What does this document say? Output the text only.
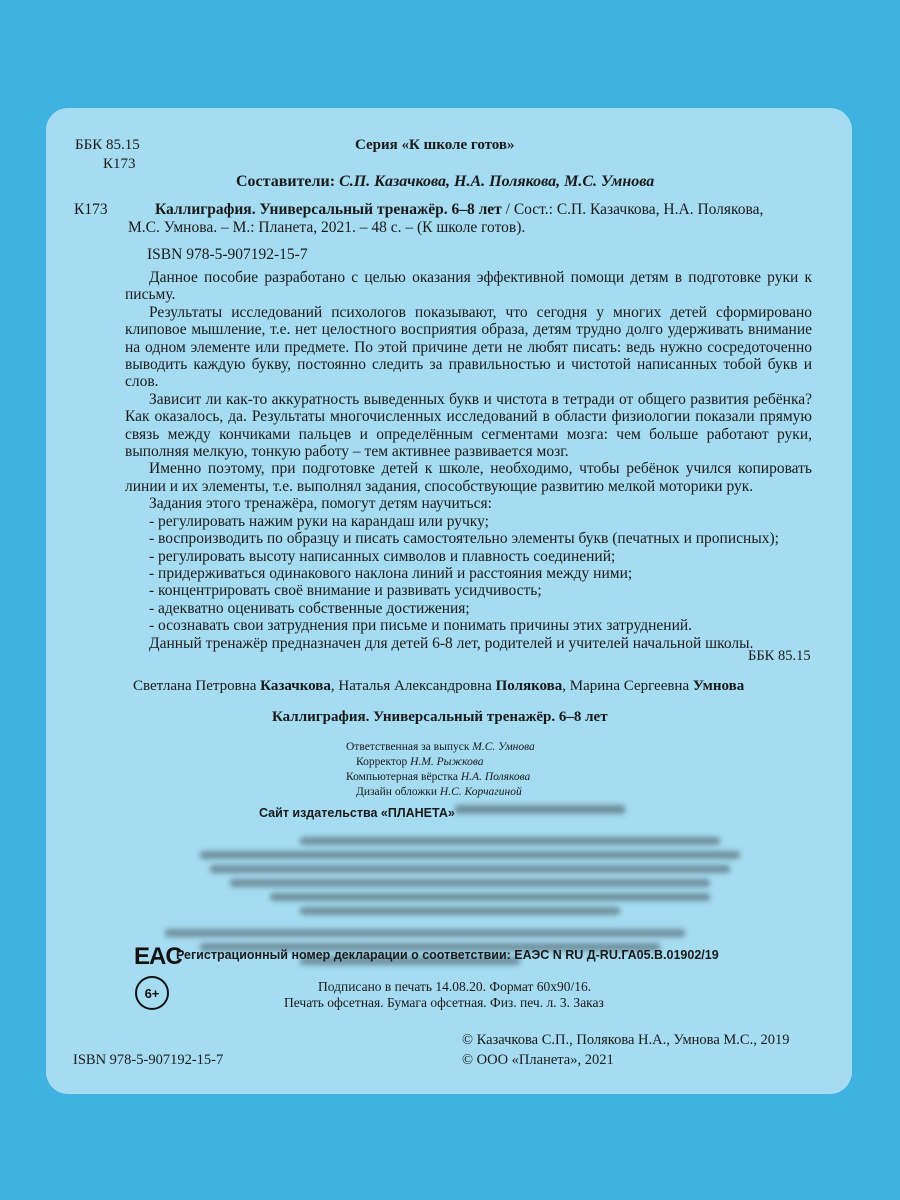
ББК 85.15
К173
Серия «К школе готов»
Составители: С.П. Казачкова, Н.А. Полякова, М.С. Умнова
К173	Каллиграфия. Универсальный тренажёр. 6–8 лет / Сост.: С.П. Казачкова, Н.А. Полякова,
М.С. Умнова. – М.: Планета, 2021. – 48 с. – (К школе готов).
ISBN 978-5-907192-15-7

Данное пособие разработано с целью оказания эффективной помощи детям в подготовке руки к письму.

Результаты исследований психологов показывают, что сегодня у многих детей сформировано клиповое мышление, т.е. нет целостного восприятия образа, детям трудно долго удерживать внимание на одном элементе или предмете. По этой причине дети не любят писать: ведь нужно сосредоточенно выводить каждую букву, постоянно следить за правильностью и чистотой написанных тобой букв и слов.

Зависит ли как-то аккуратность выведенных букв и чистота в тетради от общего развития ребёнка? Как оказалось, да. Результаты многочисленных исследований в области физиологии показали прямую связь между кончиками пальцев и определённым сегментами мозга: чем больше работают руки, выполняя мелкую, тонкую работу – тем активнее развивается мозг.

Именно поэтому, при подготовке детей к школе, необходимо, чтобы ребёнок учился копировать линии и их элементы, т.е. выполнял задания, способствующие развитию мелкой моторики рук.

Задания этого тренажёра, помогут детям научиться:

- регулировать нажим руки на карандаш или ручку;

- воспроизводить по образцу и писать самостоятельно элементы букв (печатных и прописных);

- регулировать высоту написанных символов и плавность соединений;

- придерживаться одинакового наклона линий и расстояния между ними;

- концентрировать своё внимание и развивать усидчивость;

- адекватно оценивать собственные достижения;

- осознавать свои затруднения при письме и понимать причины этих затруднений.

Данный тренажёр предназначен для детей 6-8 лет, родителей и учителей начальной школы.

ББК 85.15
Светлана Петровна Казачкова, Наталья Александровна Полякова, Марина Сергеевна Умнова
Каллиграфия. Универсальный тренажёр. 6–8 лет
Ответственная за выпуск М.С. Умнова
Корректор Н.М. Рыжкова
Компьютерная вёрстка Н.А. Полякова
Дизайн обложки Н.С. Корчагиной
Сайт издательства «ПЛАНЕТА»
EAC
6+
Регистрационный номер декларации о соответствии: ЕАЭС N RU Д-RU.ГА05.В.01902/19
Подписано в печать 14.08.20. Формат 60х90/16.
Печать офсетная. Бумага офсетная. Физ. печ. л. 3. Заказ
© Казачкова С.П., Полякова Н.А., Умнова М.С., 2019
© ООО «Планета», 2021
ISBN 978-5-907192-15-7
